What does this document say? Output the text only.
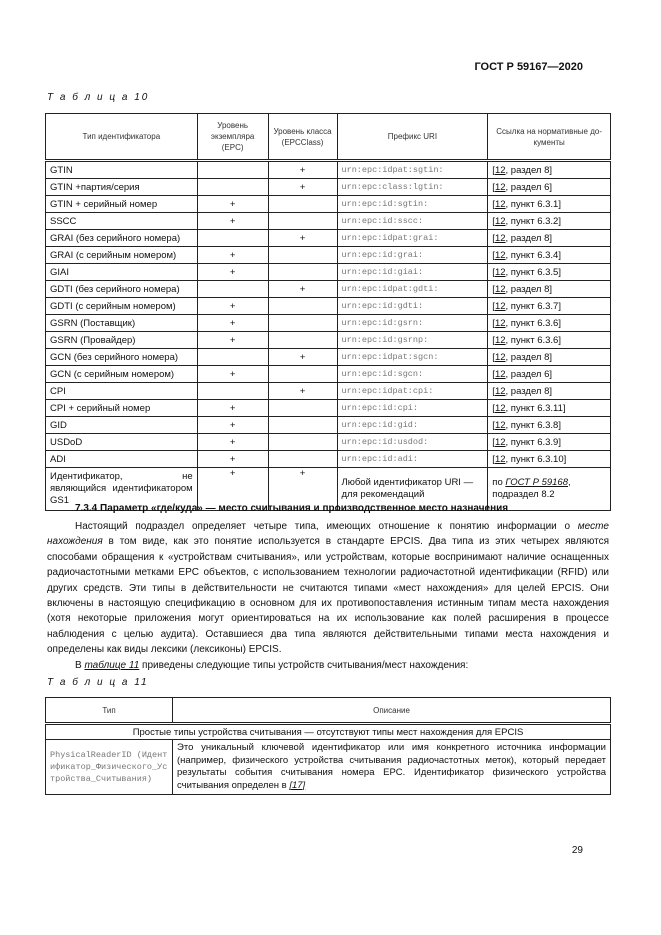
ГОСТ Р 59167—2020
Т а б л и ц а 10
Тип идентификатора	Уровень экземпляра (EPC)	Уровень класса (EPCClass)	Префикс URI	Ссылка на нормативные до-кументы
GTIN		+	urn:epc:idpat:sgtin:	[12, раздел 8]
GTIN +партия/серия		+	urn:epc:class:lgtin:	[12, раздел 6]
GTIN + серийный номер	+		urn:epc:id:sgtin:	[12, пункт 6.3.1]
SSCC	+		urn:epc:id:sscc:	[12, пункт 6.3.2]
GRAI (без серийного номера)		+	urn:epc:idpat:grai:	[12, раздел 8]
GRAI (с серийным номером)	+		urn:epc:id:grai:	[12, пункт 6.3.4]
GIAI	+		urn:epc:id:giai:	[12, пункт 6.3.5]
GDTI (без серийного номера)		+	urn:epc:idpat:gdti:	[12, раздел 8]
GDTI (с серийным номером)	+		urn:epc:id:gdti:	[12, пункт 6.3.7]
GSRN (Поставщик)	+		urn:epc:id:gsrn:	[12, пункт 6.3.6]
GSRN (Провайдер)	+		urn:epc:id:gsrnp:	[12, пункт 6.3.6]
GCN (без серийного номера)		+	urn:epc:idpat:sgcn:	[12, раздел 8]
GCN (с серийным номером)	+		urn:epc:id:sgcn:	[12, раздел 6]
CPI		+	urn:epc:idpat:cpi:	[12, раздел 8]
CPI + серийный номер	+		urn:epc:id:cpi:	[12, пункт 6.3.11]
GID	+		urn:epc:id:gid:	[12, пункт 6.3.8]
USDoD	+		urn:epc:id:usdod:	[12, пункт 6.3.9]
ADI	+		urn:epc:id:adi:	[12, пункт 6.3.10]
Идентификатор, не являющийся идентификатором GS1	+	+	Любой идентификатор URI — для рекомендаций	по ГОСТ Р 59168, подраздел 8.2
7.3.4 Параметр «где/куда» — место считывания и производственное место назначения

Настоящий подраздел определяет четыре типа, имеющих отношение к понятию информации о месте нахождения в том виде, как это понятие используется в стандарте EPCIS. Два типа из этих четырех являются способами обращения к «устройствам считывания», или устройствам, которые воспринимают наличие оснащенных радиочастотными метками EPC объектов, с использованием технологии радиочастотной идентификации (RFID) или других средств. Эти типы в действительности не считаются типами «мест нахождения» для целей EPCIS. Они включены в настоящую спецификацию в основном для их противопоставления истинным типам места нахождения (хотя некоторые приложения могут ориентироваться на их использование как полей расширения в процессе наблюдения с целью аудита). Оставшиеся два типа являются действительными типами места нахождения и определены как виды лексики (лексиконы) EPCIS.

В таблице 11 приведены следующие типы устройств считывания/мест нахождения:

Т а б л и ц а 11
Тип	Описание
Простые типы устройства считывания — отсутствуют типы мест нахождения для EPCIS	
PhysicalReaderID (Идентификатор_Физического_Устройства_Считывания)	Это уникальный ключевой идентификатор или имя конкретного источника информации (например, физического устройства считывания радиочастотных меток), который передает результаты события считывания номера EPC. Идентификатор физического устройства считывания определен в [17]
29
